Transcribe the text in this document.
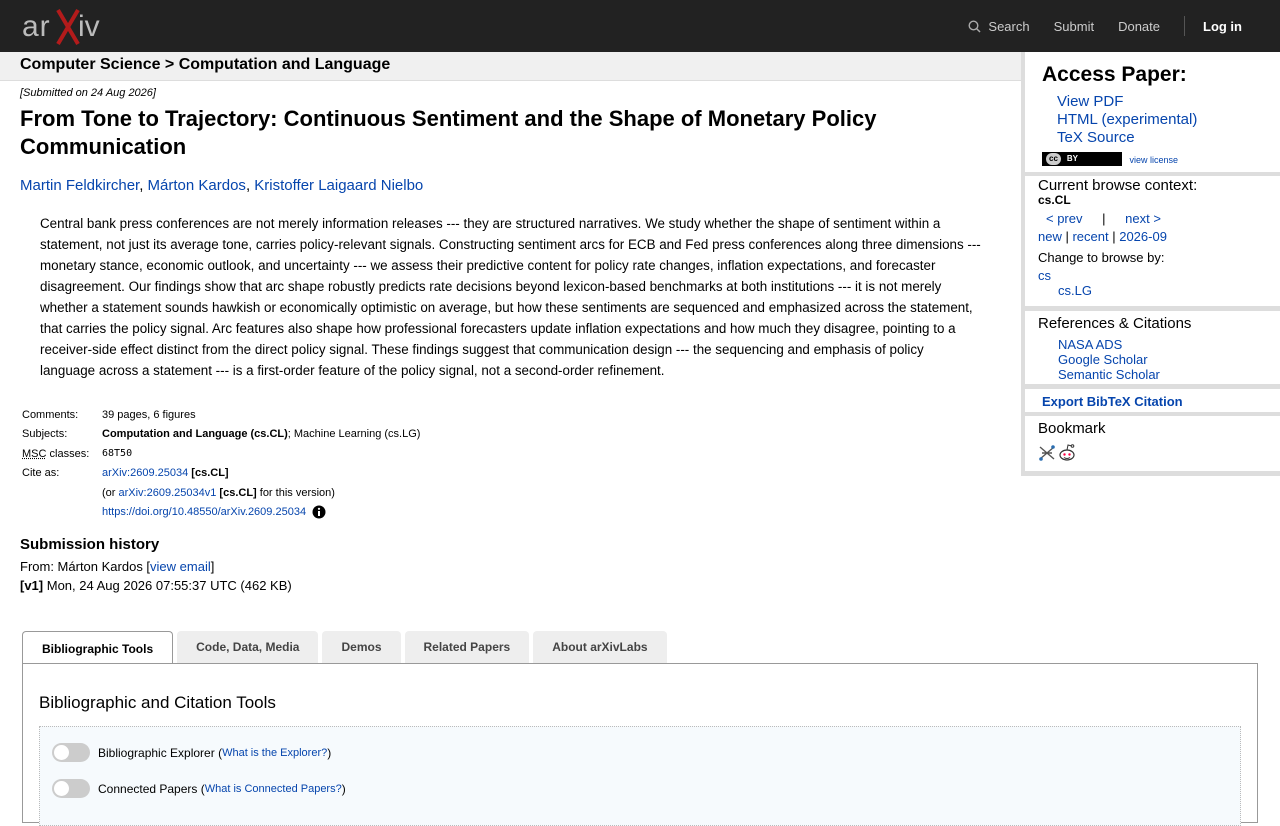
ar iv	Search Submit Donate	Log in
Computer Science > Computation and Language
[Submitted on 24 Aug 2026]
From Tone to Trajectory: Continuous Sentiment and the Shape of Monetary Policy Communication
Martin Feldkircher, Márton Kardos, Kristoffer Laigaard Nielbo

Central bank press conferences are not merely information releases --- they are structured narratives. We study whether the shape of sentiment within a statement, not just its average tone, carries policy-relevant signals. Constructing sentiment arcs for ECB and Fed press conferences along three dimensions --- monetary stance, economic outlook, and uncertainty --- we assess their predictive content for policy rate changes, inflation expectations, and forecaster disagreement. Our findings show that arc shape robustly predicts rate decisions beyond lexicon-based benchmarks at both institutions --- it is not merely whether a statement sounds hawkish or economically optimistic on average, but how these sentiments are sequenced and emphasized across the statement, that carries the policy signal. Arc features also shape how professional forecasters update inflation expectations and how much they disagree, pointing to a receiver-side effect distinct from the direct policy signal. These findings suggest that communication design --- the sequencing and emphasis of policy language across a statement --- is a first-order feature of the policy signal, not a second-order refinement.

Comments:	39 pages, 6 figures
Subjects:	Computation and Language (cs.CL); Machine Learning (cs.LG)
MSC classes:	68T50
Cite as:	arXiv:2609.25034 [cs.CL]
	(or arXiv:2609.25034v1 [cs.CL] for this version)
	https://doi.org/10.48550/arXiv.2609.25034
Submission history
From: Márton Kardos [view email]
[v1] Mon, 24 Aug 2026 07:55:37 UTC (462 KB)
Bibliographic Tools	Code, Data, Media	Demos	Related Papers	About arXivLabs
Bibliographic and Citation Tools
Bibliographic Explorer ( What is the Explorer? )
Connected Papers ( What is Connected Papers? )
Access Paper:
View PDF
HTML (experimental)
TeX Source
cc	BY	view license
Current browse context:
cs.CL
< prev | next >
new | recent | 2026-09
Change to browse by:
cs
cs.LG
References & Citations
NASA ADS
Google Scholar
Semantic Scholar
Export BibTeX Citation
Bookmark
